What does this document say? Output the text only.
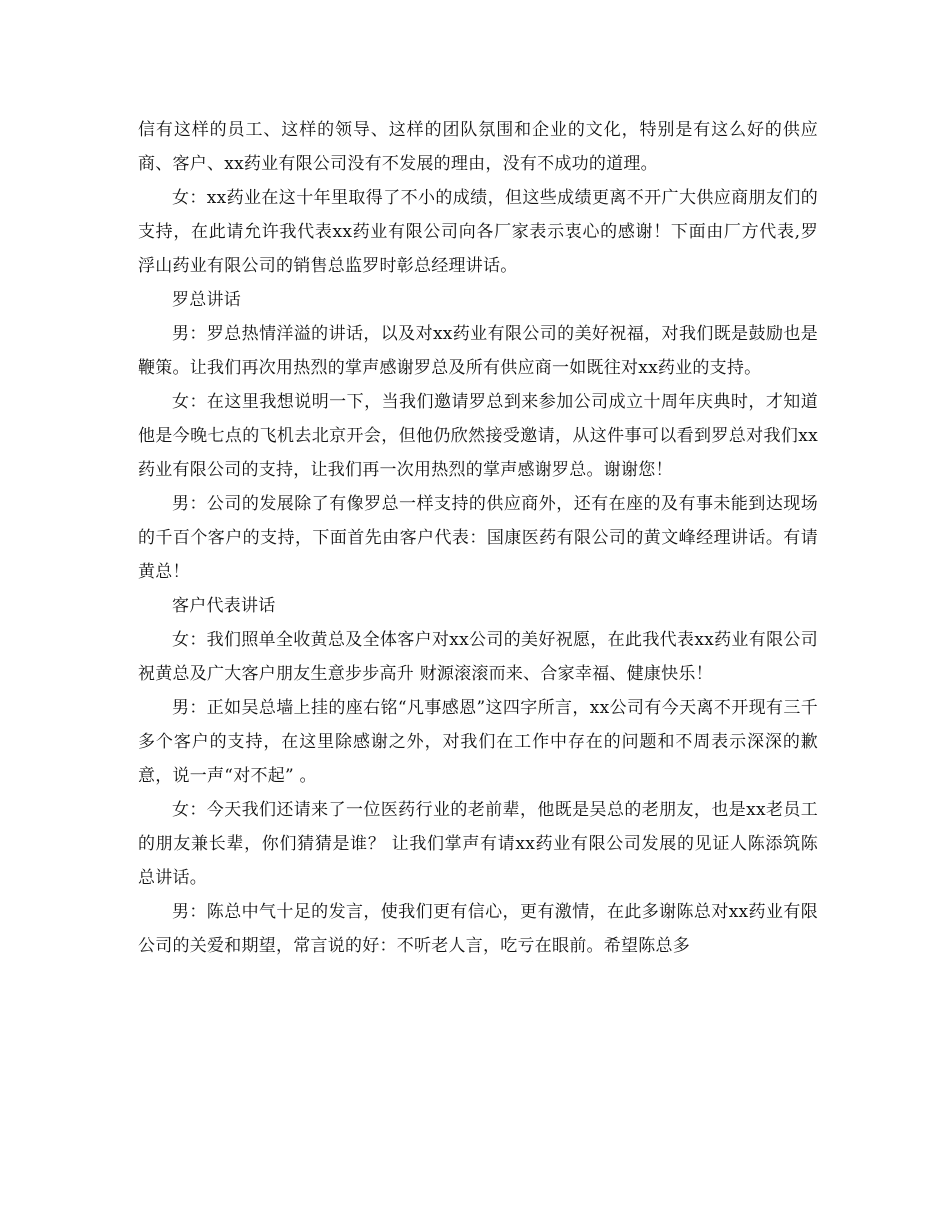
信有这样的员工、这样的领导、这样的团队氛围和企业的文化，特别是有这么好的供应商、客户、xx药业有限公司没有不发展的理由，没有不成功的道理。

女：xx药业在这十年里取得了不小的成绩，但这些成绩更离不开广大供应商朋友们的支持，在此请允许我代表xx药业有限公司向各厂家表示衷心的感谢！下面由厂方代表,罗浮山药业有限公司的销售总监罗时彰总经理讲话。

罗总讲话

男：罗总热情洋溢的讲话，以及对xx药业有限公司的美好祝福，对我们既是鼓励也是鞭策。让我们再次用热烈的掌声感谢罗总及所有供应商一如既往对xx药业的支持。

女：在这里我想说明一下，当我们邀请罗总到来参加公司成立十周年庆典时，才知道他是今晚七点的飞机去北京开会，但他仍欣然接受邀请，从这件事可以看到罗总对我们xx药业有限公司的支持，让我们再一次用热烈的掌声感谢罗总。谢谢您！

男：公司的发展除了有像罗总一样支持的供应商外，还有在座的及有事未能到达现场的千百个客户的支持，下面首先由客户代表：国康医药有限公司的黄文峰经理讲话。有请黄总！

客户代表讲话

女：我们照单全收黄总及全体客户对xx公司的美好祝愿，在此我代表xx药业有限公司祝黄总及广大客户朋友生意步步高升 财源滚滚而来、合家幸福、健康快乐！

男：正如吴总墙上挂的座右铭“凡事感恩”这四字所言，xx公司有今天离不开现有三千多个客户的支持，在这里除感谢之外，对我们在工作中存在的问题和不周表示深深的歉意，说一声“对不起” 。

女：今天我们还请来了一位医药行业的老前辈，他既是吴总的老朋友，也是xx老员工的朋友兼长辈，你们猜猜是谁？ 让我们掌声有请xx药业有限公司发展的见证人陈添筑陈总讲话。

男：陈总中气十足的发言，使我们更有信心，更有激情，在此多谢陈总对xx药业有限公司的关爱和期望，常言说的好：不听老人言，吃亏在眼前。希望陈总多
